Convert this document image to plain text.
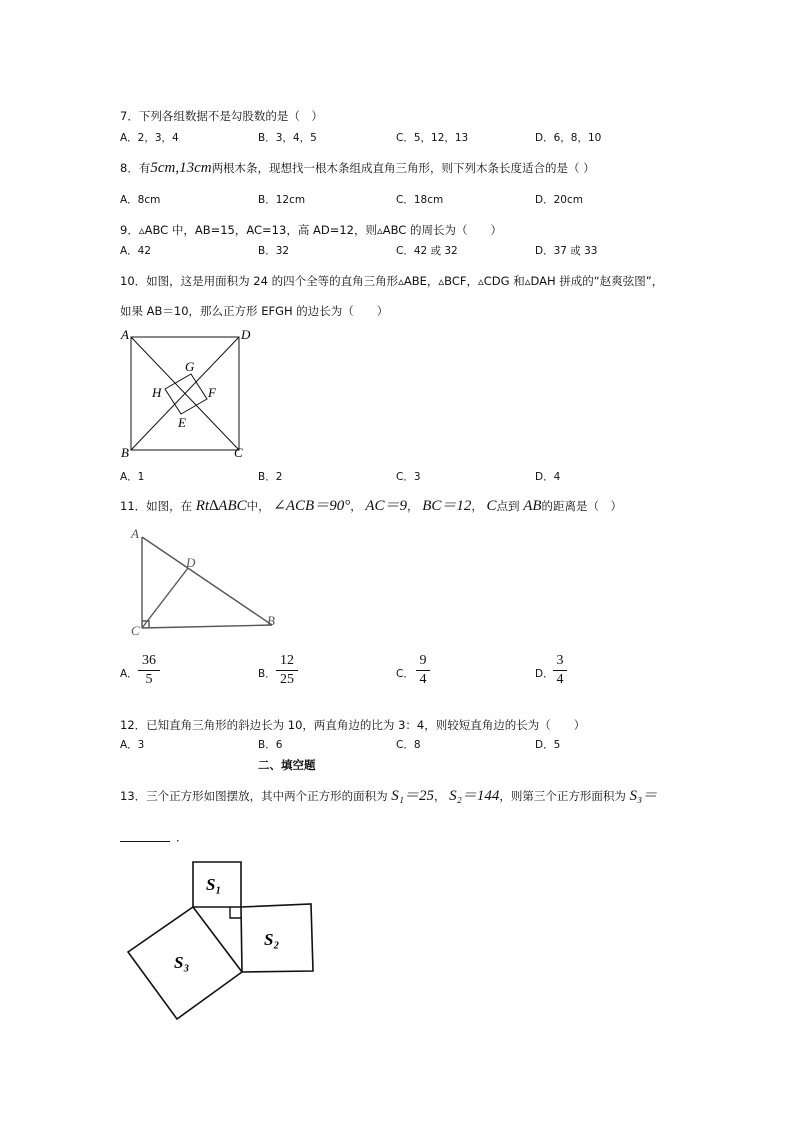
7．下列各组数据不是勾股数的是（　）
A．2，3，4	B．3，4，5	C．5，12，13	D．6，8，10
8．有5cm,13cm两根木条，现想找一根木条组成直角三角形，则下列木条长度适合的是（ ）
A．8cm	B．12cm	C．18cm	D．20cm
9．▵ABC 中，AB=15，AC=13，高 AD=12，则▵ABC 的周长为（　　）
A．42	B．32	C．42 或 32	D．37 或 33
10．如图，这是用面积为 24 的四个全等的直角三角形▵ABE，▵BCF，▵CDG 和▵DAH 拼成的“赵爽弦图”，
如果 AB＝10，那么正方形 EFGH 的边长为（　　）
A	D
B	C
G
H	F
E
A．1	B．2	C．3	D．4
11．如图，在 Rt∆ABC中， ∠ACB＝90°， AC＝9， BC＝12， C点到 AB的距离是（　）
A
D
C
B
A．
36
5	B．
12
25	C．
9
4	D．
3
4
12．已知直角三角形的斜边长为 10，两直角边的比为 3：4，则较短直角边的长为（　　）
A．3	B．6	C．8	D．5
二、填空题
13．三个正方形如图摆放，其中两个正方形的面积为 S₁＝25， S₂＝144，则第三个正方形面积为 S₃＝
．
S₁
S₂
S₃
